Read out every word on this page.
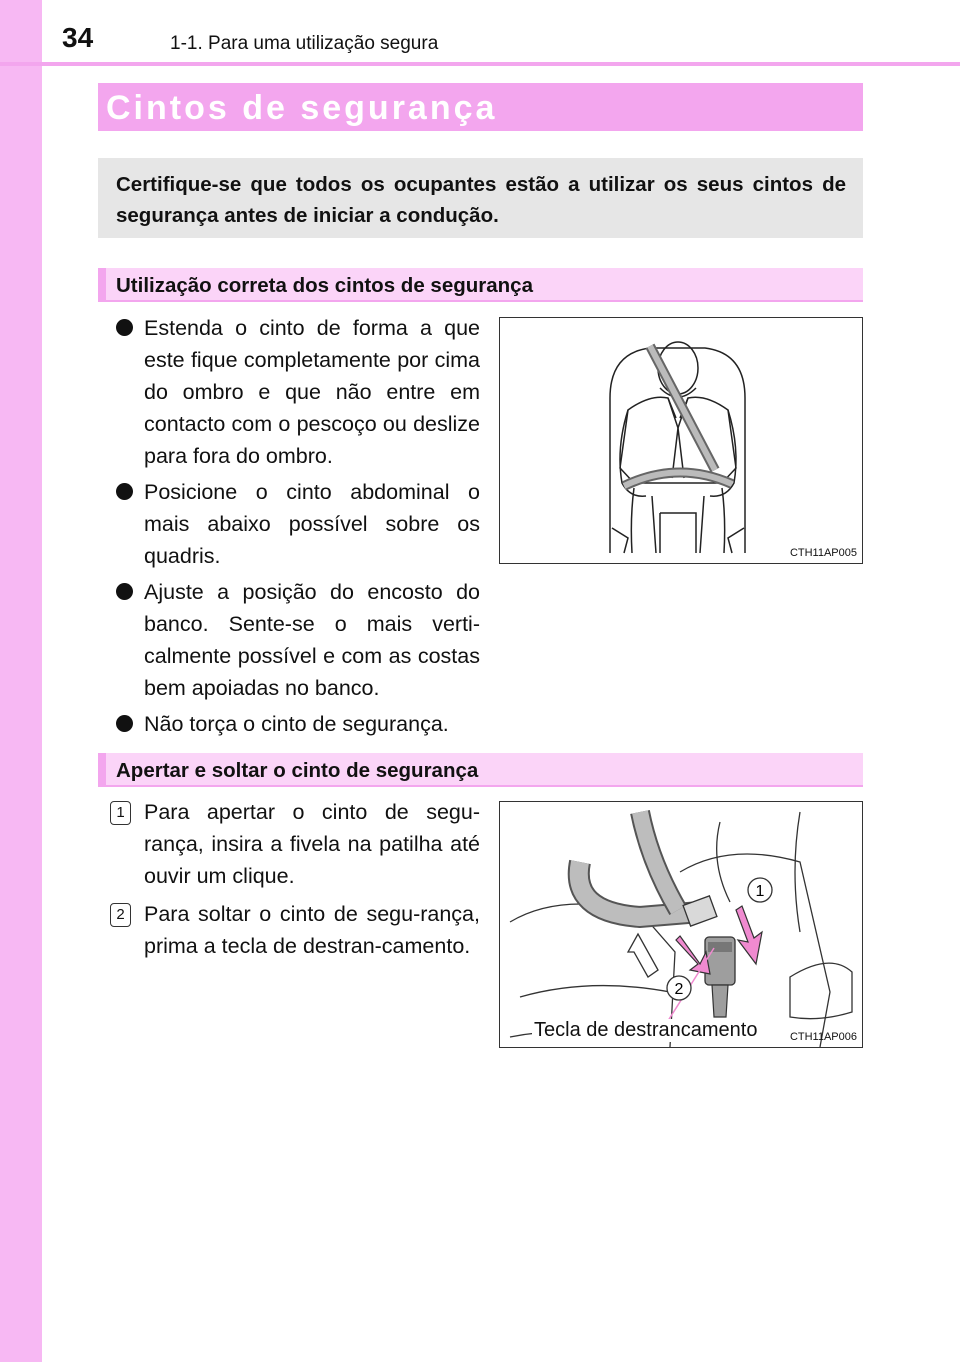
34	1-1. Para uma utilização segura
Cintos de segurança
Certifique-se que todos os ocupantes estão a utilizar os seus cintos de segurança antes de iniciar a condução.
Utilização correta dos cintos de segurança
Estenda o cinto de forma a que este fique completamente por cima do ombro e que não entre em contacto com o pescoço ou deslize para fora do ombro.
Posicione o cinto abdominal o mais abaixo possível sobre os quadris.
Ajuste a posição do encosto do banco. Sente-se o mais verti-calmente possível e com as costas bem apoiadas no banco.
Não torça o cinto de segurança.
CTH11AP005
Apertar e soltar o cinto de segurança
1 Para apertar o cinto de segu-rança, insira a fivela na patilha até ouvir um clique.
2 Para soltar o cinto de segu-rança, prima a tecla de destran-camento.
1
2
Tecla de destrancamento	CTH11AP006
